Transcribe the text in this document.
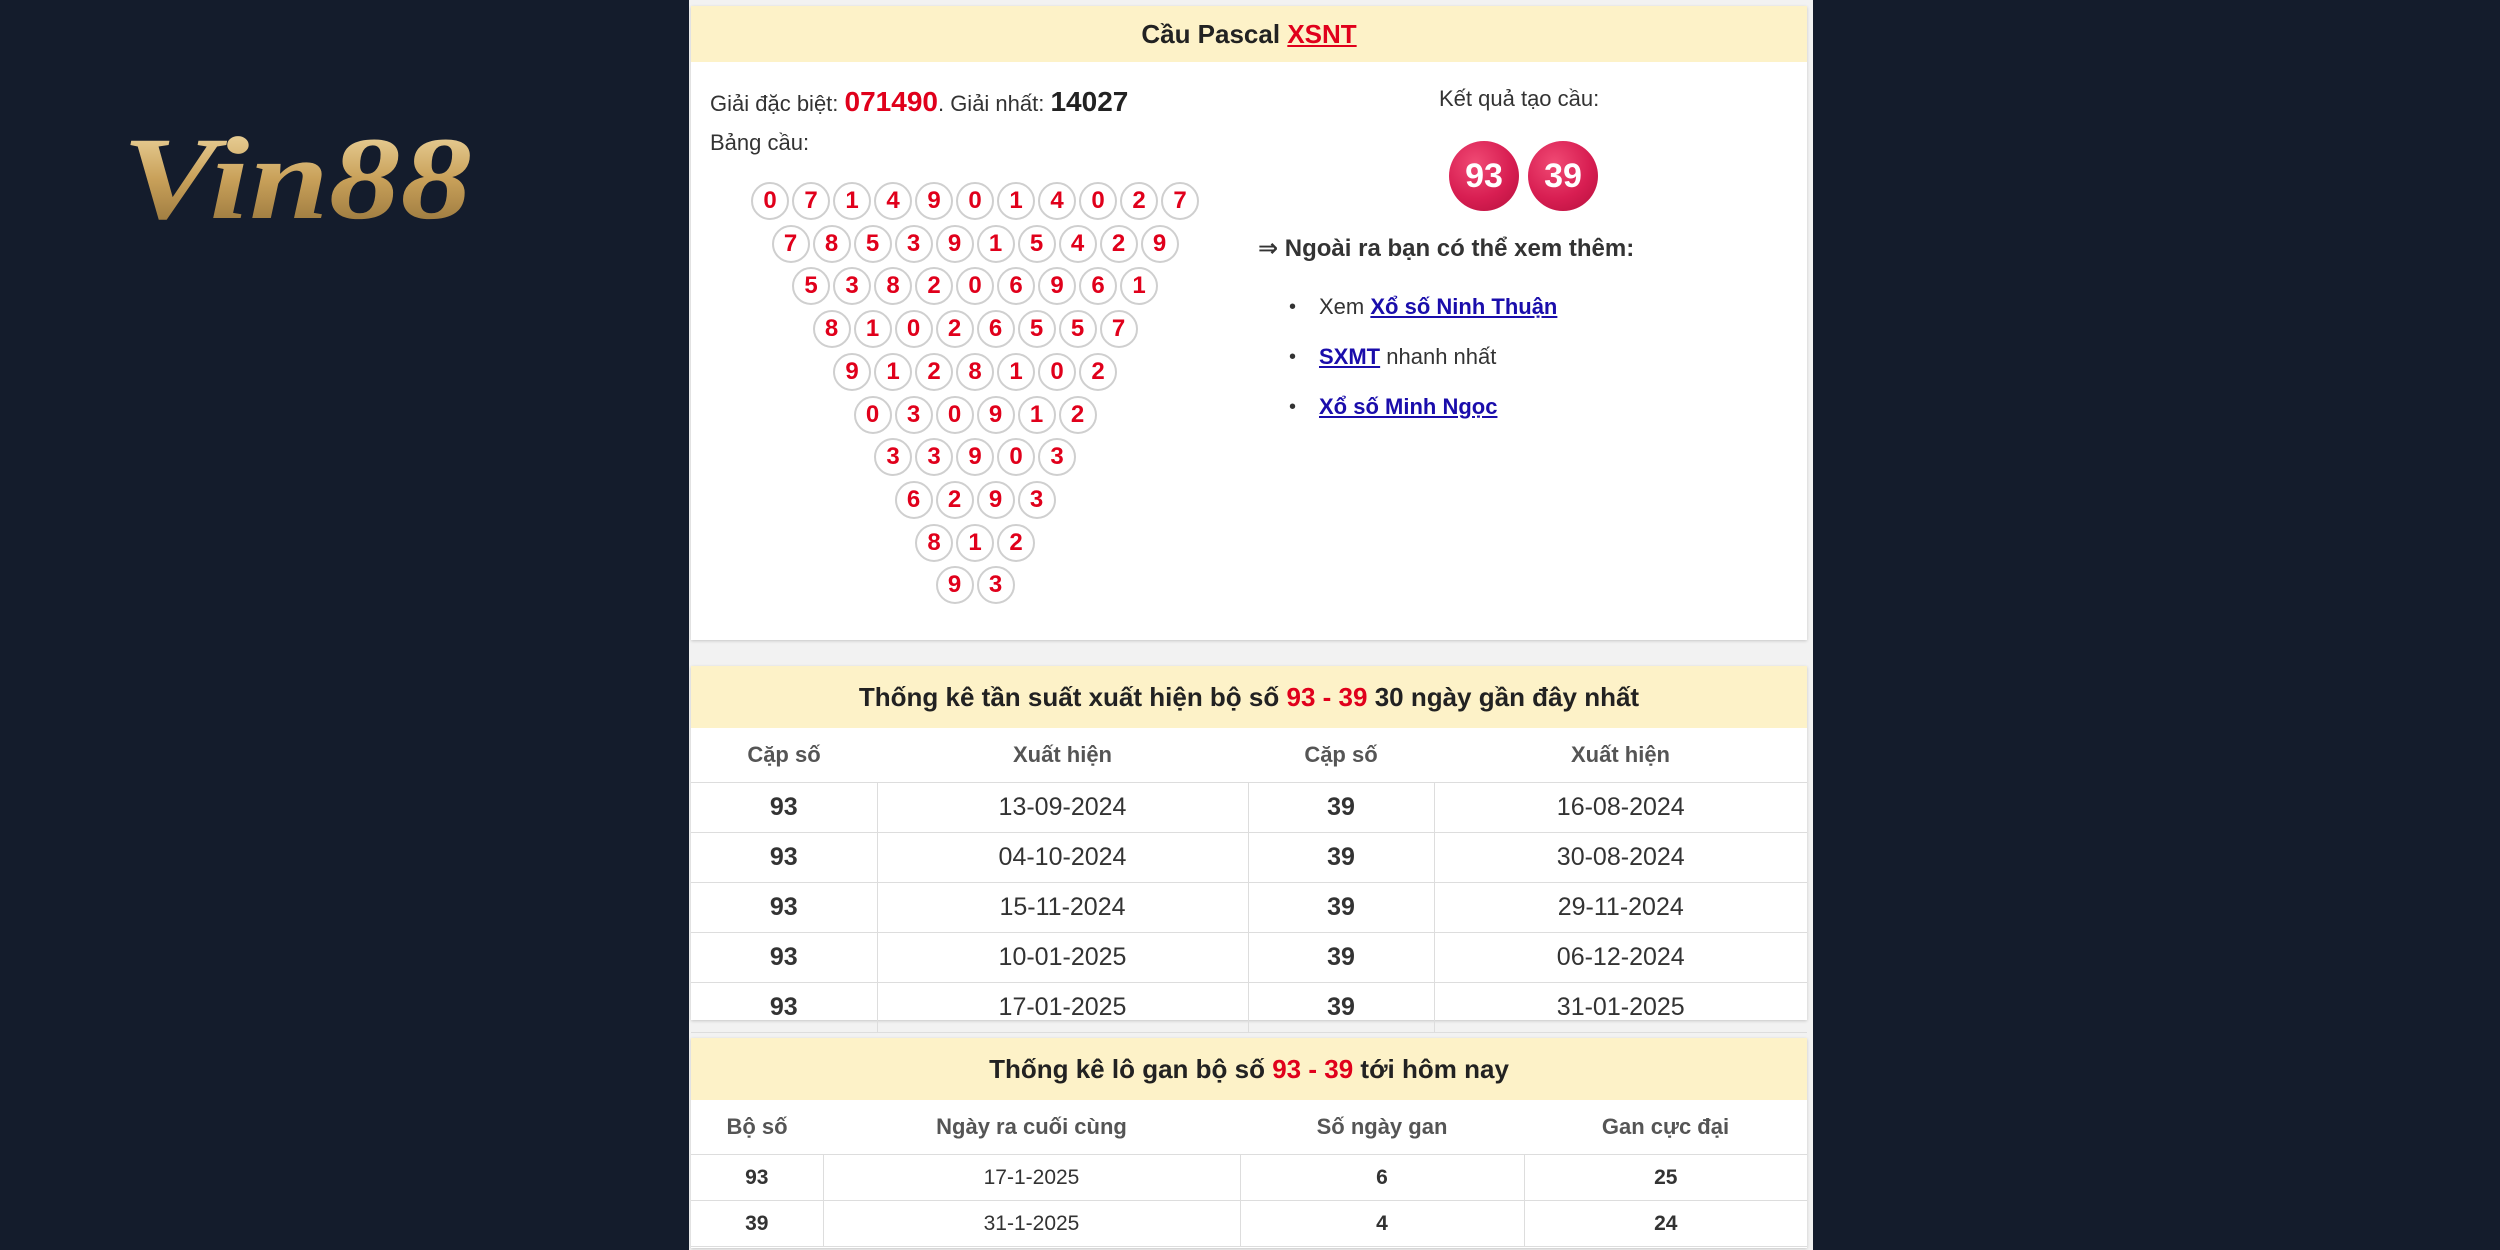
Vin88
Cầu Pascal XSNT
Giải đặc biệt: 071490. Giải nhất: 14027
Bảng cầu:
0	7	1	4	9	0	1	4	0	2	7
7	8	5	3	9	1	5	4	2	9
5	3	8	2	0	6	9	6	1
8	1	0	2	6	5	5	7
9	1	2	8	1	0	2
0	3	0	9	1	2
3	3	9	0	3
6	2	9	3
8	1	2
9	3
Kết quả tạo cầu:
93	39
⇒ Ngoài ra bạn có thể xem thêm:
• Xem Xổ số Ninh Thuận
• SXMT nhanh nhất
• Xổ số Minh Ngọc
Thống kê tần suất xuất hiện bộ số 93 - 39 30 ngày gần đây nhất
Cặp số	Xuất hiện	Cặp số	Xuất hiện
93	13-09-2024	39	16-08-2024
93	04-10-2024	39	30-08-2024
93	15-11-2024	39	29-11-2024
93	10-01-2025	39	06-12-2024
93	17-01-2025	39	31-01-2025
Thống kê lô gan bộ số 93 - 39 tới hôm nay
Bộ số	Ngày ra cuối cùng	Số ngày gan	Gan cực đại
93	17-1-2025	6	25
39	31-1-2025	4	24
